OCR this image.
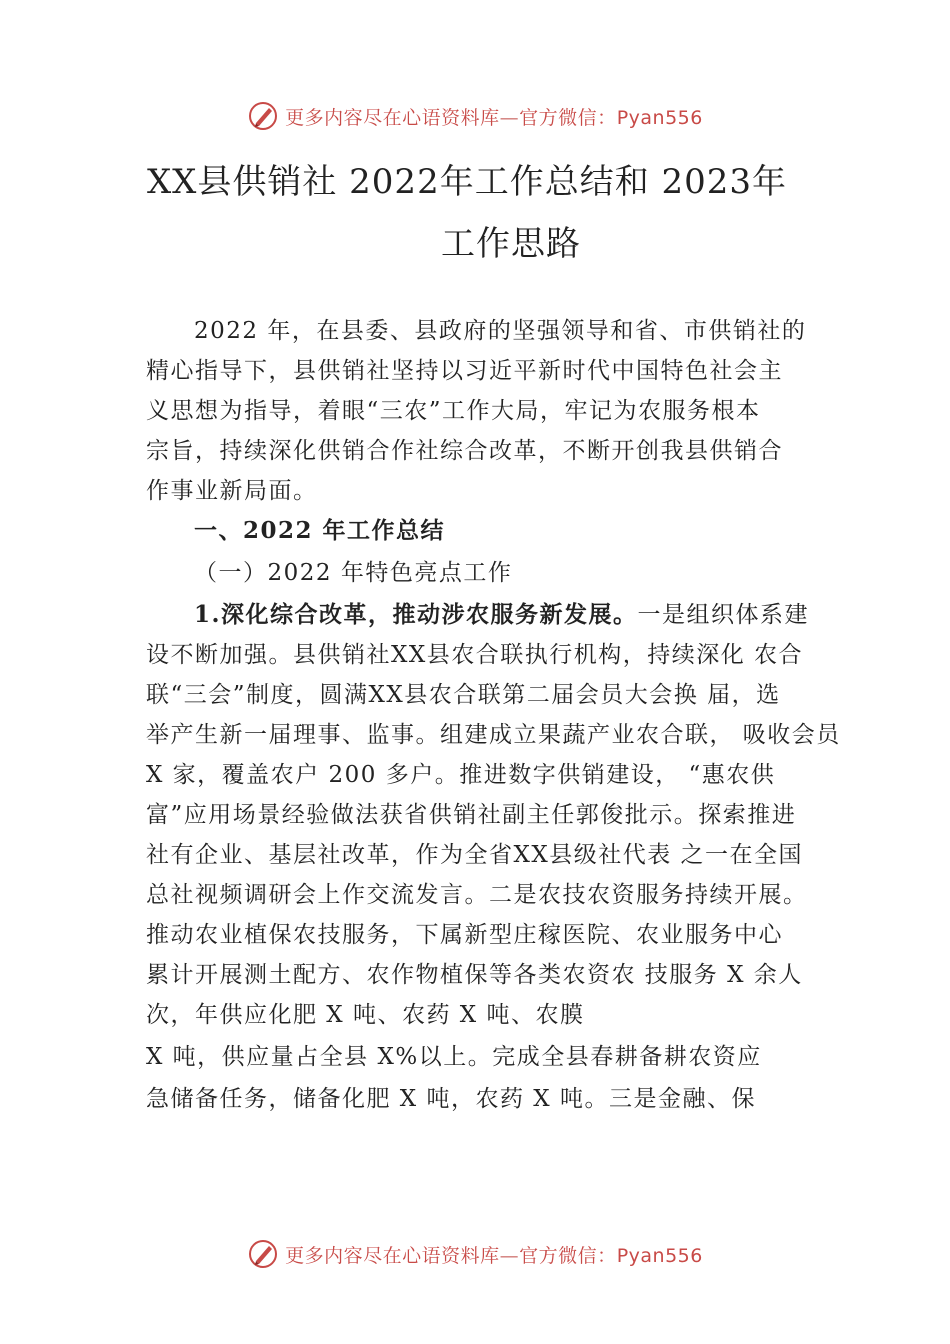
更多内容尽在心语资料库—官方微信：Pyan556
XX县供销社 2022年工作总结和 2023年
工作思路
2022 年，在县委、县政府的坚强领导和省、市供销社的
精心指导下，县供销社坚持以习近平新时代中国特色社会主
义思想为指导，着眼“三农”工作大局，牢记为农服务根本
宗旨，持续深化供销合作社综合改革，不断开创我县供销合
作事业新局面。
一、2022 年工作总结
（一）2022 年特色亮点工作
1.深化综合改革，推动涉农服务新发展。一是组织体系建
设不断加强。县供销社XX县农合联执行机构，持续深化 农合
联“三会”制度，圆满XX县农合联第二届会员大会换 届，选
举产生新一届理事、监事。组建成立果蔬产业农合联， 吸收会员
X 家，覆盖农户 200 多户。推进数字供销建设， “惠农供
富”应用场景经验做法获省供销社副主任郭俊批示。探索推进
社有企业、基层社改革，作为全省XX县级社代表 之一在全国
总社视频调研会上作交流发言。二是农技农资服务持续开展。
推动农业植保农技服务，下属新型庄稼医院、农业服务中心
累计开展测土配方、农作物植保等各类农资农 技服务 X 余人
次，年供应化肥 X 吨、农药 X 吨、农膜
X 吨，供应量占全县 X%以上。完成全县春耕备耕农资应
急储备任务，储备化肥 X 吨，农药 X 吨。三是金融、保
更多内容尽在心语资料库—官方微信：Pyan556
